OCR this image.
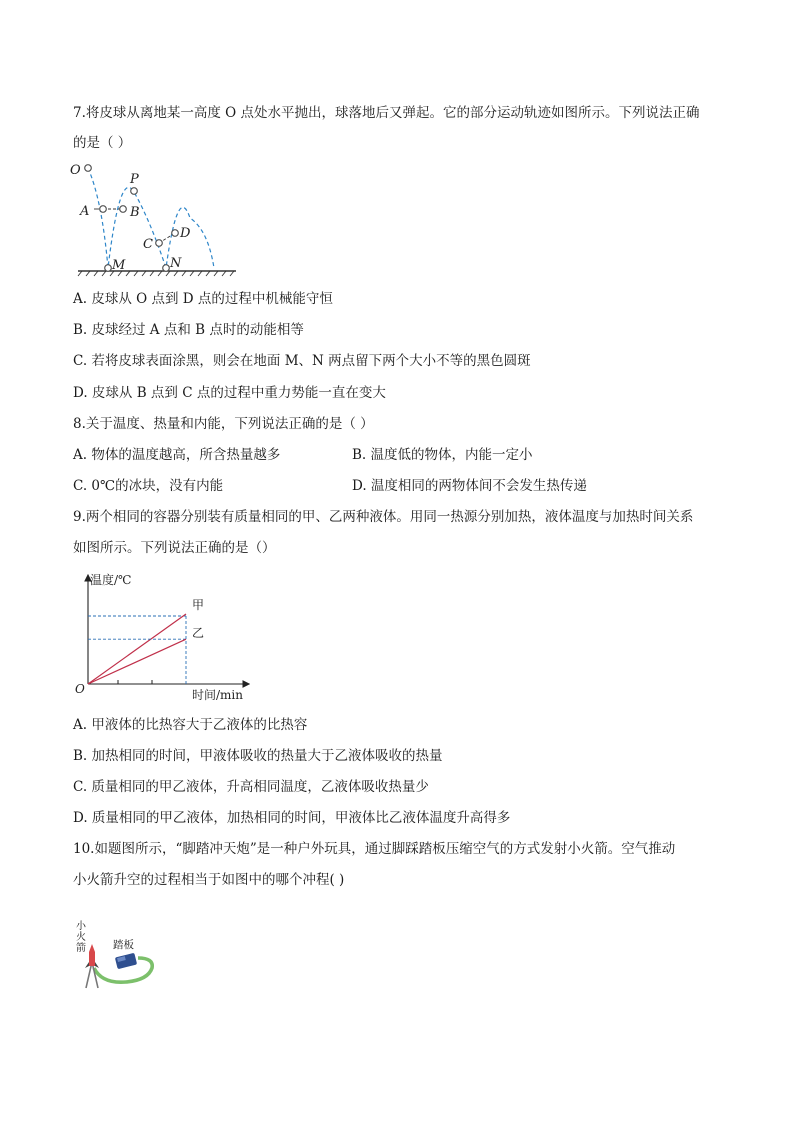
7.将皮球从离地某一高度 O 点处水平抛出，球落地后又弹起。它的部分运动轨迹如图所示。下列说法正确
的是（ ）
O
P
A	B
C
D
M	N
A. 皮球从 O 点到 D 点的过程中机械能守恒
B. 皮球经过 A 点和 B 点时的动能相等
C. 若将皮球表面涂黑，则会在地面 M、N 两点留下两个大小不等的黑色圆斑
D. 皮球从 B 点到 C 点的过程中重力势能一直在变大
8.关于温度、热量和内能，下列说法正确的是（ ）
A. 物体的温度越高，所含热量越多	B. 温度低的物体，内能一定小
C. 0℃的冰块，没有内能	D. 温度相同的两物体间不会发生热传递
9.两个相同的容器分别装有质量相同的甲、乙两种液体。用同一热源分别加热，液体温度与加热时间关系
如图所示。下列说法正确的是（）
甲
乙
温度/℃
时间/min
O
A. 甲液体的比热容大于乙液体的比热容
B. 加热相同的时间，甲液体吸收的热量大于乙液体吸收的热量
C. 质量相同的甲乙液体，升高相同温度，乙液体吸收热量少
D. 质量相同的甲乙液体，加热相同的时间，甲液体比乙液体温度升高得多
10.如题图所示，“脚踏冲天炮”是一种户外玩具，通过脚踩踏板压缩空气的方式发射小火箭。空气推动
小火箭升空的过程相当于如图中的哪个冲程( )
小
火
箭	踏板
